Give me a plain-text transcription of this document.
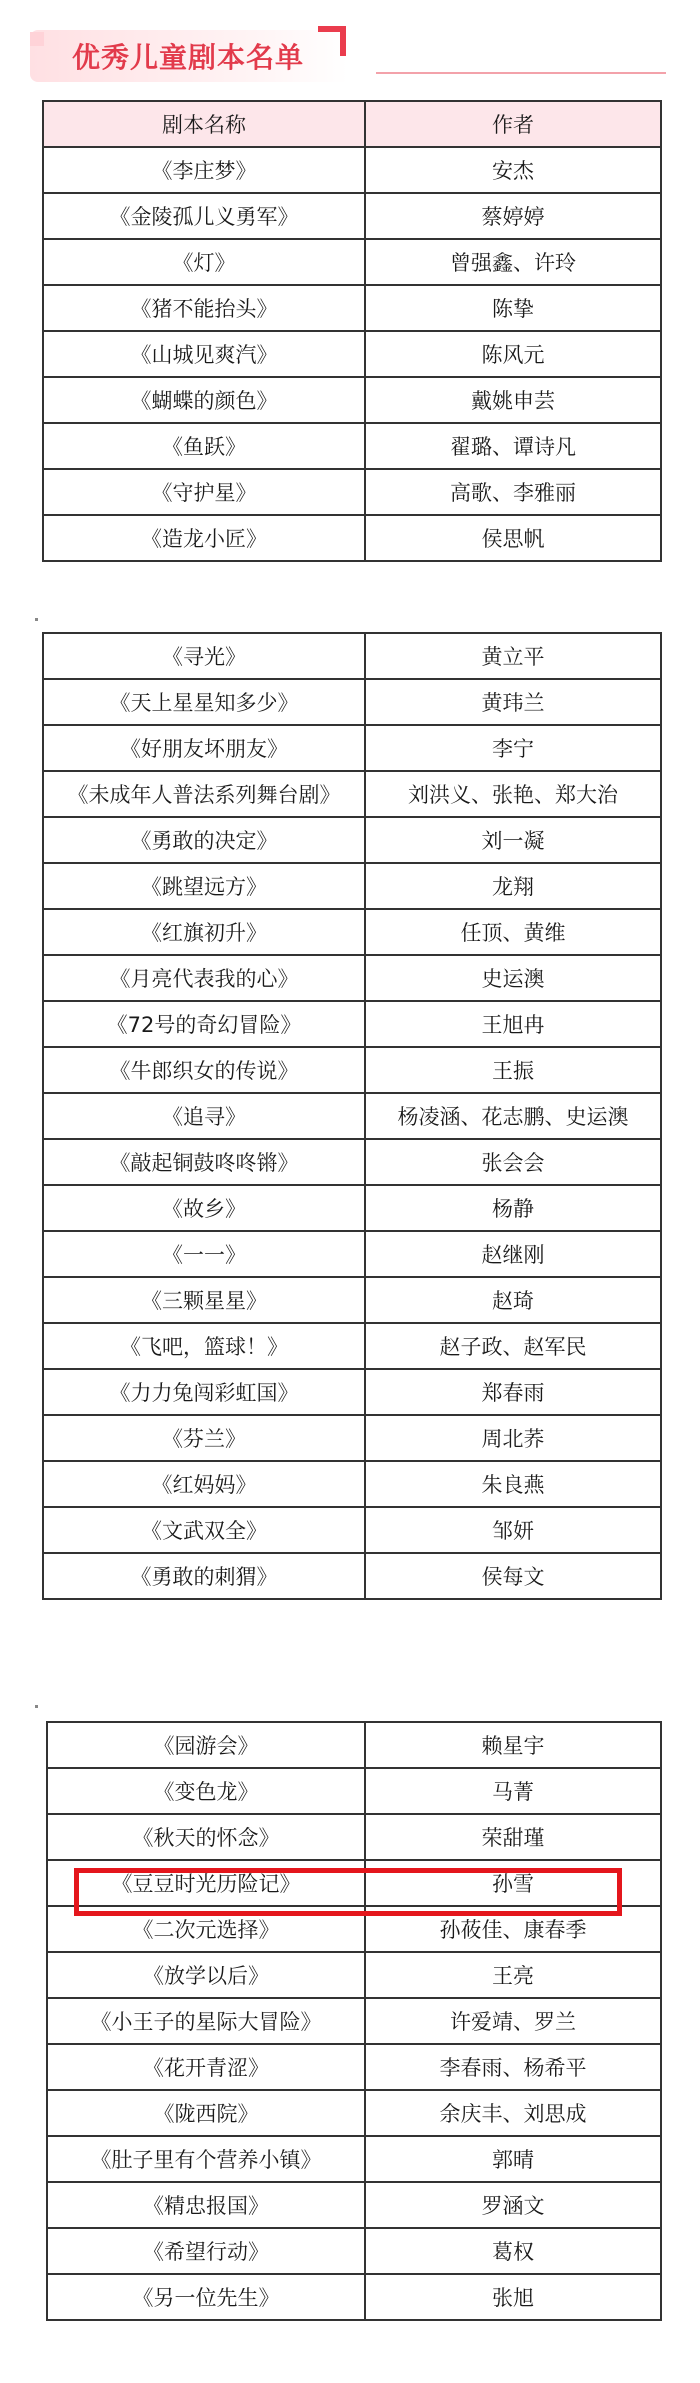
优秀儿童剧本名单
剧本名称	作者
《李庄梦》	安杰
《金陵孤儿义勇军》	蔡婷婷
《灯》	曾强鑫、许玲
《猪不能抬头》	陈挚
《山城见爽汽》	陈风元
《蝴蝶的颜色》	戴姚申芸
《鱼跃》	翟璐、谭诗凡
《守护星》	高歌、李雅丽
《造龙小匠》	侯思帆
《寻光》	黄立平
《天上星星知多少》	黄玮兰
《好朋友坏朋友》	李宁
《未成年人普法系列舞台剧》	刘洪义、张艳、郑大治
《勇敢的决定》	刘一凝
《跳望远方》	龙翔
《红旗初升》	任顶、黄维
《月亮代表我的心》	史运澳
《72号的奇幻冒险》	王旭冉
《牛郎织女的传说》	王振
《追寻》	杨凌涵、花志鹏、史运澳
《敲起铜鼓咚咚锵》	张会会
《故乡》	杨静
《一一》	赵继刚
《三颗星星》	赵琦
《飞吧，篮球！》	赵子政、赵军民
《力力兔闯彩虹国》	郑春雨
《芬兰》	周北荞
《红妈妈》	朱良燕
《文武双全》	邹妍
《勇敢的刺猬》	侯每文
《园游会》	赖星宇
《变色龙》	马菁
《秋天的怀念》	荣甜瑾
《豆豆时光历险记》	孙雪
《二次元选择》	孙莜佳、康春季
《放学以后》	王亮
《小王子的星际大冒险》	许爱靖、罗兰
《花开青涩》	李春雨、杨希平
《陇西院》	余庆丰、刘思成
《肚子里有个营养小镇》	郭晴
《精忠报国》	罗涵文
《希望行动》	葛权
《另一位先生》	张旭
